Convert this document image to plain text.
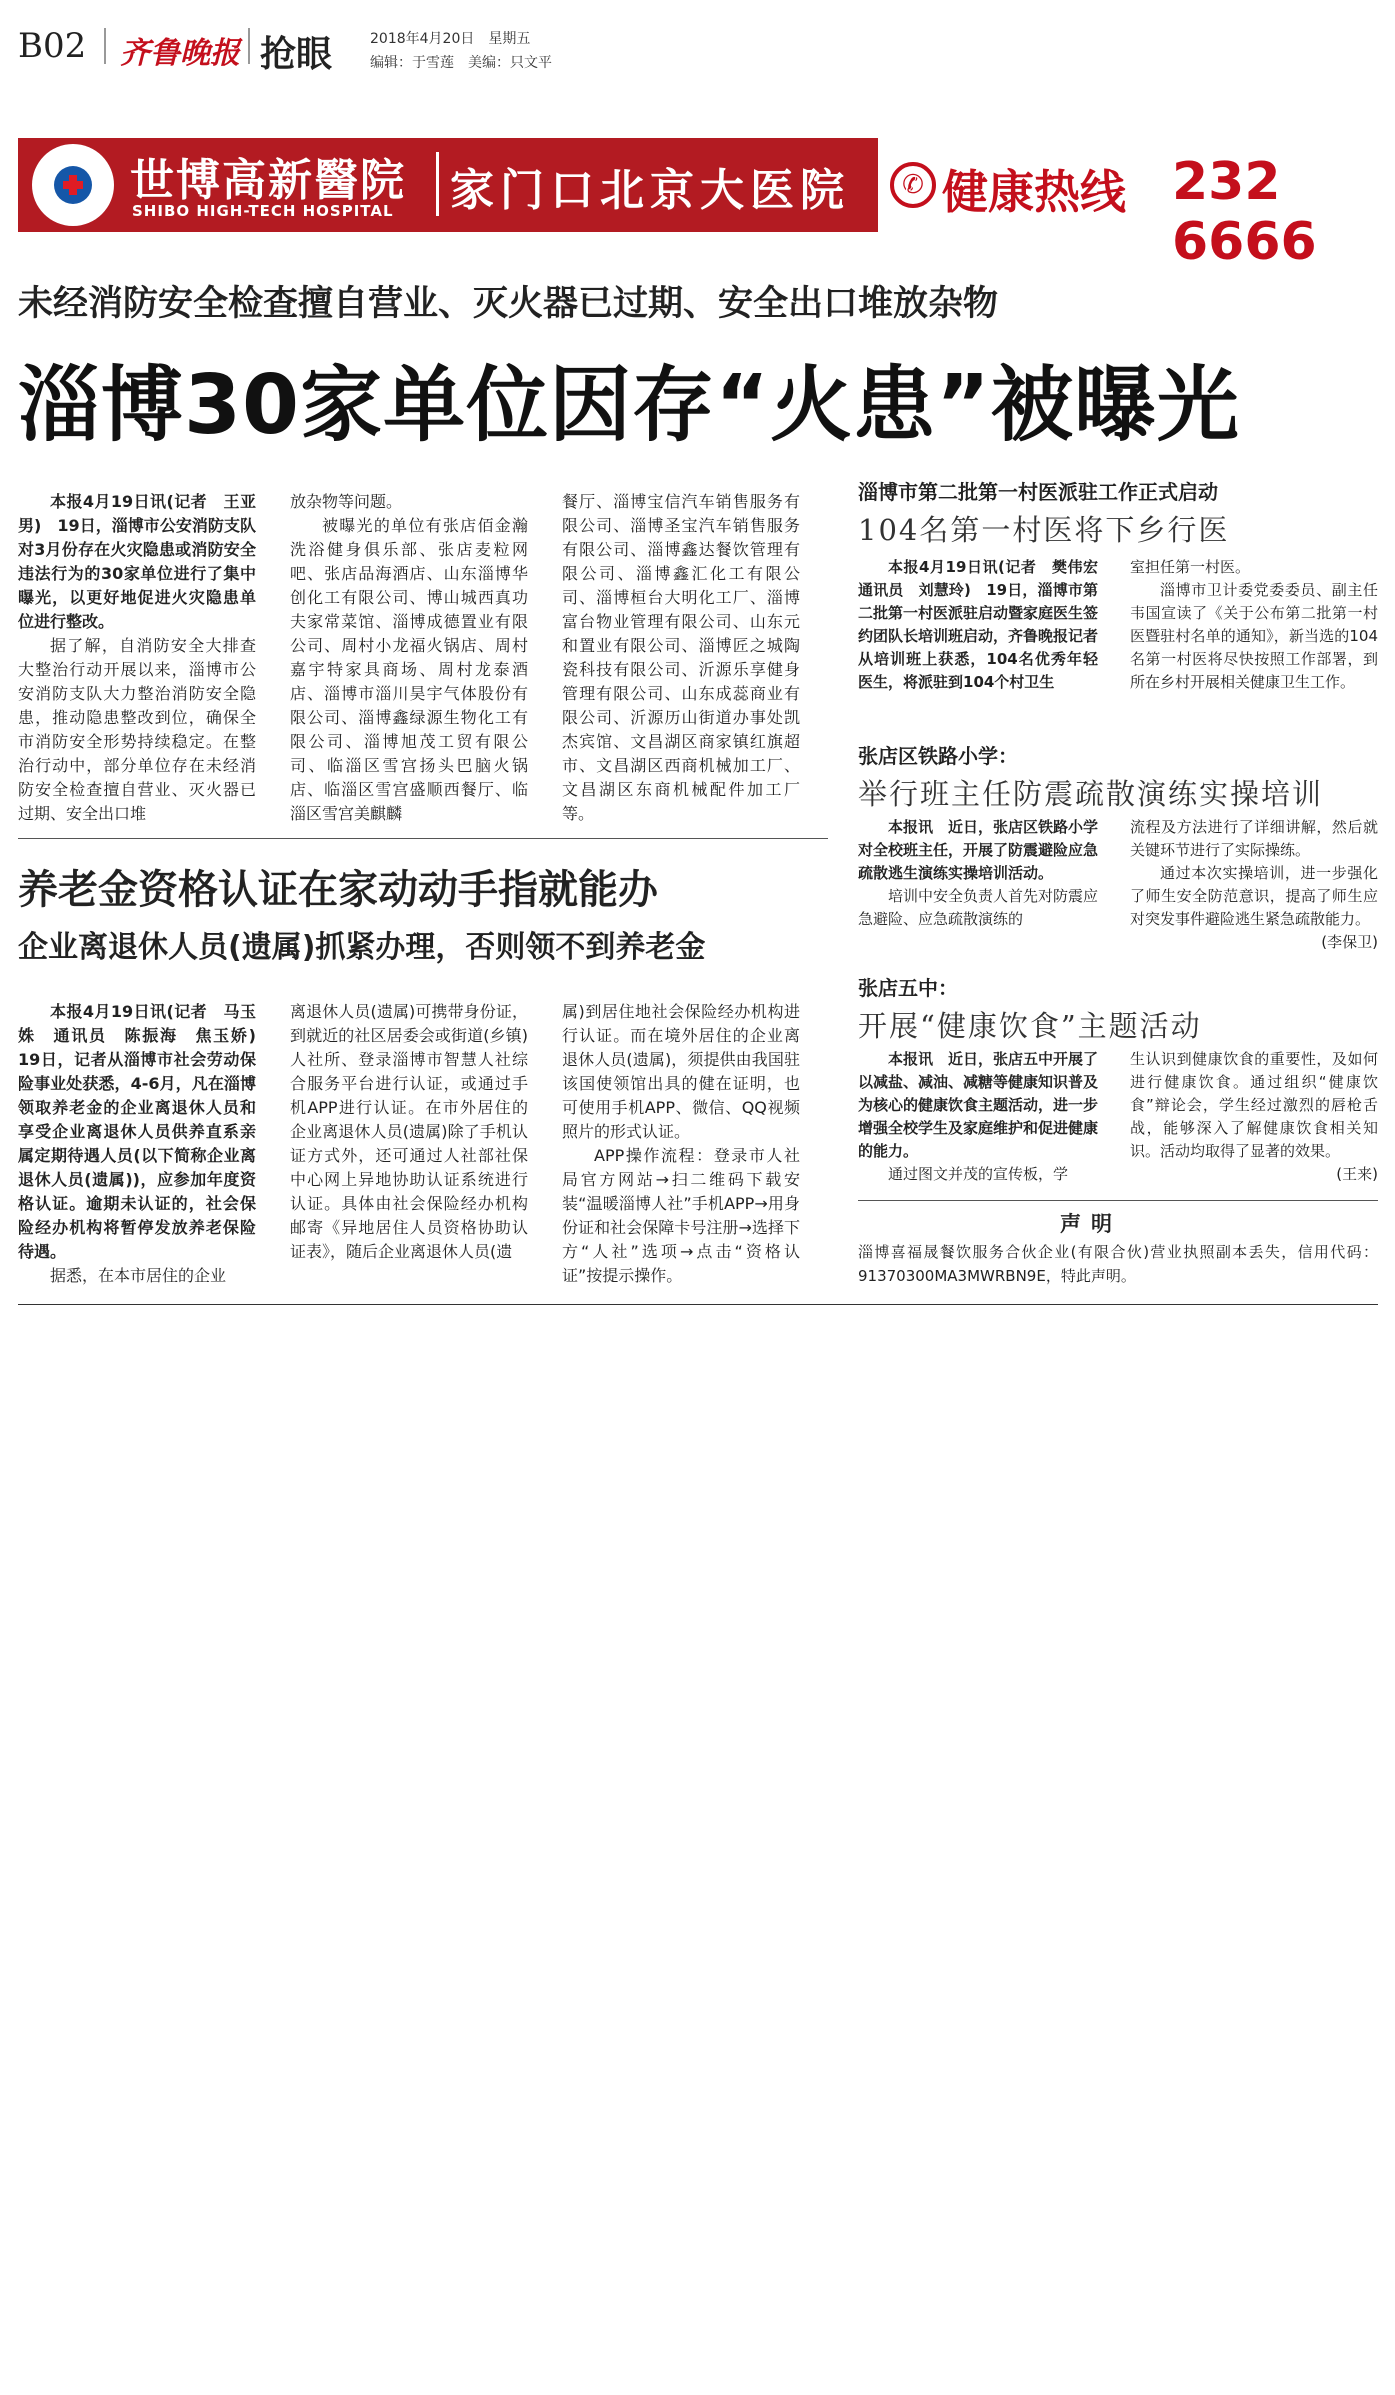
B02 齐鲁晚报 抢眼	2018年4月20日　星期五
编辑：于雪莲　美编：只文平
世博高新醫院
SHIBO HIGH-TECH HOSPITAL 家门口北京大医院	✆ 健康热线 232 6666
未经消防安全检查擅自营业、灭火器已过期、安全出口堆放杂物
淄博30家单位因存“火患”被曝光

本报4月19日讯(记者　王亚男)　19日，淄博市公安消防支队对3月份存在火灾隐患或消防安全违法行为的30家单位进行了集中曝光，以更好地促进火灾隐患单位进行整改。

据了解，自消防安全大排查大整治行动开展以来，淄博市公安消防支队大力整治消防安全隐患，推动隐患整改到位，确保全市消防安全形势持续稳定。在整治行动中，部分单位存在未经消防安全检查擅自营业、灭火器已过期、安全出口堆

放杂物等问题。

被曝光的单位有张店佰金瀚洗浴健身俱乐部、张店麦粒网吧、张店品海酒店、山东淄博华创化工有限公司、博山城西真功夫家常菜馆、淄博成德置业有限公司、周村小龙福火锅店、周村嘉宇特家具商场、周村龙泰酒店、淄博市淄川昊宇气体股份有限公司、淄博鑫绿源生物化工有限公司、淄博旭茂工贸有限公司、临淄区雪宫扬头巴脑火锅店、临淄区雪宫盛顺西餐厅、临淄区雪宫美麒麟

餐厅、淄博宝信汽车销售服务有限公司、淄博圣宝汽车销售服务有限公司、淄博鑫达餐饮管理有限公司、淄博鑫汇化工有限公司、淄博桓台大明化工厂、淄博富台物业管理有限公司、山东元和置业有限公司、淄博匠之城陶瓷科技有限公司、沂源乐享健身管理有限公司、山东成蕊商业有限公司、沂源历山街道办事处凯杰宾馆、文昌湖区商家镇红旗超市、文昌湖区西商机械加工厂、文昌湖区东商机械配件加工厂等。

养老金资格认证在家动动手指就能办
企业离退休人员(遗属)抓紧办理，否则领不到养老金

本报4月19日讯(记者　马玉姝　通讯员　陈振海　焦玉娇)　19日，记者从淄博市社会劳动保险事业处获悉，4-6月，凡在淄博领取养老金的企业离退休人员和享受企业离退休人员供养直系亲属定期待遇人员(以下简称企业离退休人员(遗属))，应参加年度资格认证。逾期未认证的，社会保险经办机构将暂停发放养老保险待遇。

据悉，在本市居住的企业

离退休人员(遗属)可携带身份证，到就近的社区居委会或街道(乡镇)人社所、登录淄博市智慧人社综合服务平台进行认证，或通过手机APP进行认证。在市外居住的企业离退休人员(遗属)除了手机认证方式外，还可通过人社部社保中心网上异地协助认证系统进行认证。具体由社会保险经办机构邮寄《异地居住人员资格协助认证表》，随后企业离退休人员(遗

属)到居住地社会保险经办机构进行认证。而在境外居住的企业离退休人员(遗属)，须提供由我国驻该国使领馆出具的健在证明，也可使用手机APP、微信、QQ视频照片的形式认证。

APP操作流程：登录市人社局官方网站→扫二维码下载安装“温暖淄博人社”手机APP→用身份证和社会保障卡号注册→选择下方“人社”选项→点击“资格认证”按提示操作。

淄博市第二批第一村医派驻工作正式启动
104名第一村医将下乡行医

本报4月19日讯(记者　樊伟宏　通讯员　刘慧玲)　19日，淄博市第二批第一村医派驻启动暨家庭医生签约团队长培训班启动，齐鲁晚报记者从培训班上获悉，104名优秀年轻医生，将派驻到104个村卫生

室担任第一村医。

淄博市卫计委党委委员、副主任韦国宣读了《关于公布第二批第一村医暨驻村名单的通知》，新当选的104名第一村医将尽快按照工作部署，到所在乡村开展相关健康卫生工作。

张店区铁路小学：
举行班主任防震疏散演练实操培训

本报讯　近日，张店区铁路小学对全校班主任，开展了防震避险应急疏散逃生演练实操培训活动。

培训中安全负责人首先对防震应急避险、应急疏散演练的

流程及方法进行了详细讲解，然后就关键环节进行了实际操练。

通过本次实操培训，进一步强化了师生安全防范意识，提高了师生应对突发事件避险逃生紧急疏散能力。

(李保卫)
张店五中：
开展“健康饮食”主题活动

本报讯　近日，张店五中开展了以减盐、减油、减糖等健康知识普及为核心的健康饮食主题活动，进一步增强全校学生及家庭维护和促进健康的能力。

通过图文并茂的宣传板，学

生认识到健康饮食的重要性，及如何进行健康饮食。通过组织“健康饮食”辩论会，学生经过激烈的唇枪舌战，能够深入了解健康饮食相关知识。活动均取得了显著的效果。

(王来)
声明
淄博喜福晟餐饮服务合伙企业(有限合伙)营业执照副本丢失，信用代码：91370300MA3MWRBN9E，特此声明。
